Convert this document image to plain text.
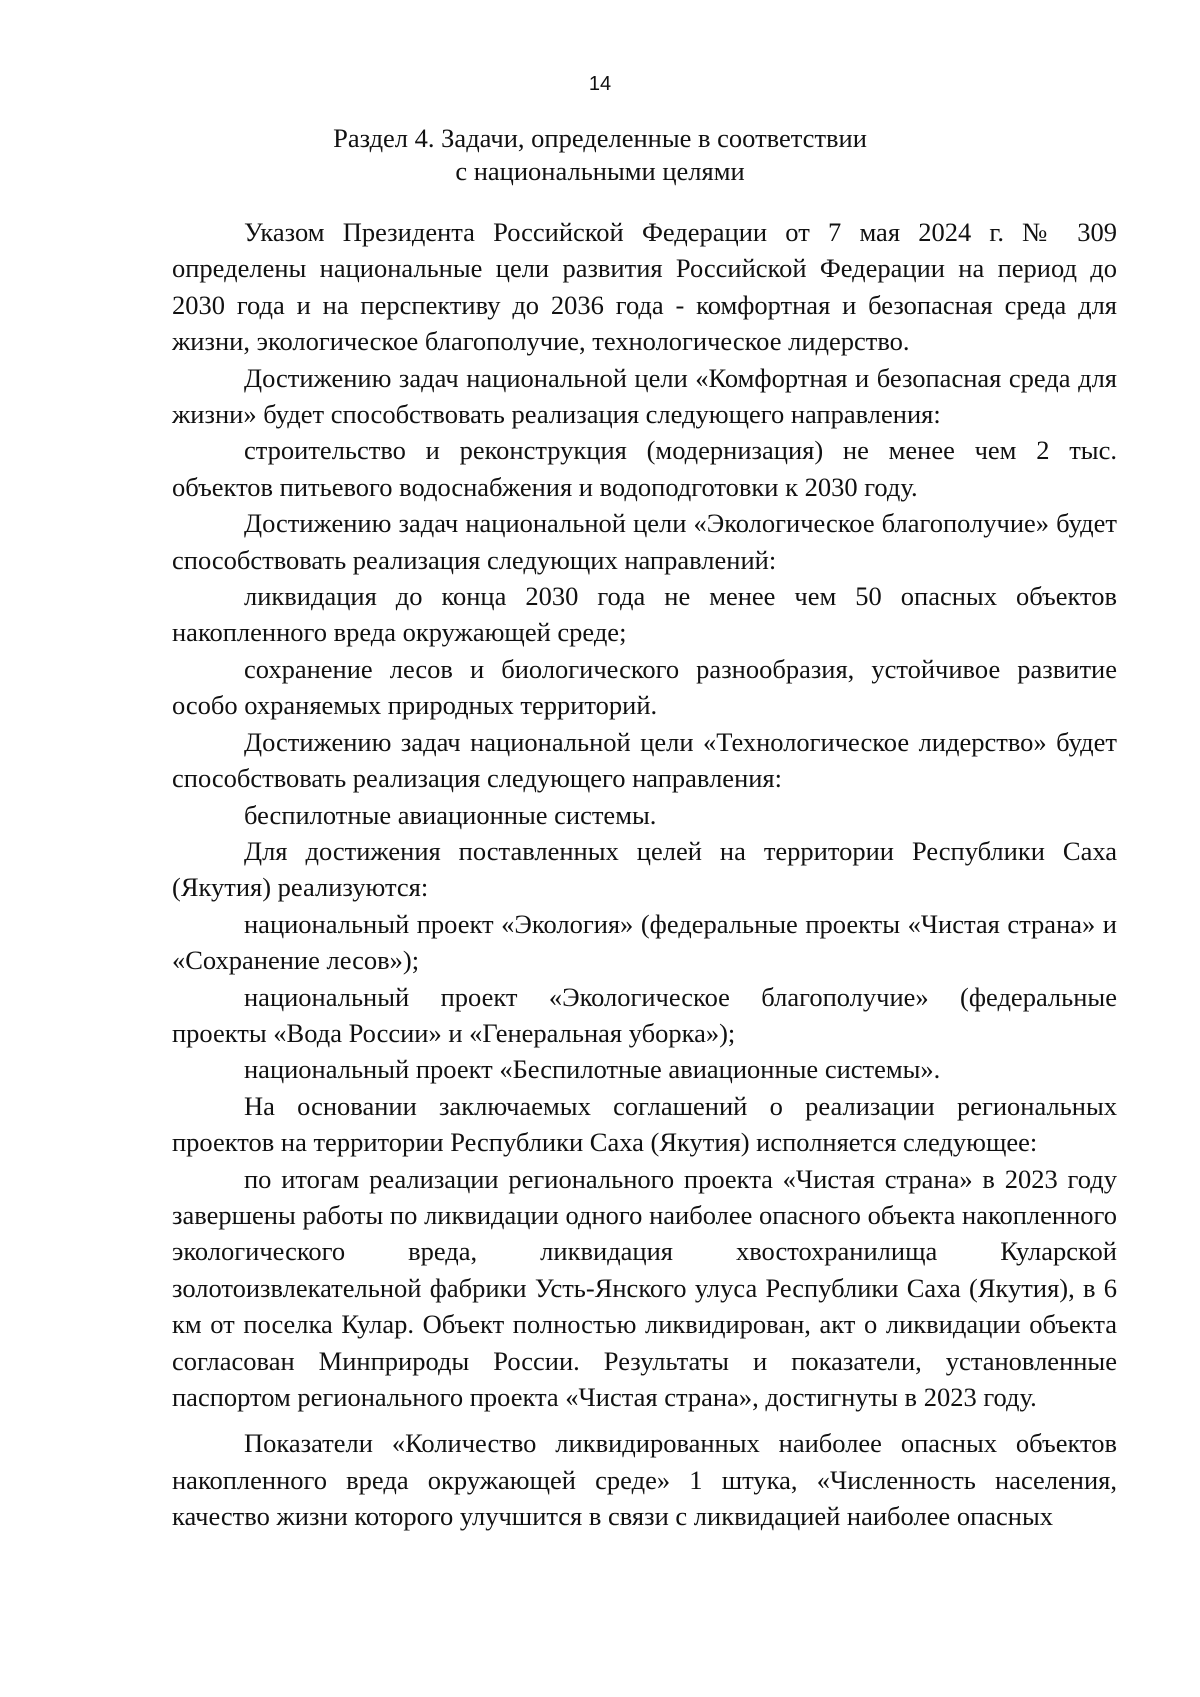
14
Раздел 4. Задачи, определенные в соответствии
с национальными целями

Указом Президента Российской Федерации от 7 мая 2024 г. № 309 определены национальные цели развития Российской Федерации на период до 2030 года и на перспективу до 2036 года - комфортная и безопасная среда для жизни, экологическое благополучие, технологическое лидерство.

Достижению задач национальной цели «Комфортная и безопасная среда для жизни» будет способствовать реализация следующего направления:

строительство и реконструкция (модернизация) не менее чем 2 тыс. объектов питьевого водоснабжения и водоподготовки к 2030 году.

Достижению задач национальной цели «Экологическое благополучие» будет способствовать реализация следующих направлений:

ликвидация до конца 2030 года не менее чем 50 опасных объектов накопленного вреда окружающей среде;

сохранение лесов и биологического разнообразия, устойчивое развитие особо охраняемых природных территорий.

Достижению задач национальной цели «Технологическое лидерство» будет способствовать реализация следующего направления:

беспилотные авиационные системы.

Для достижения поставленных целей на территории Республики Саха (Якутия) реализуются:

национальный проект «Экология» (федеральные проекты «Чистая страна» и «Сохранение лесов»);

национальный проект «Экологическое благополучие» (федеральные проекты «Вода России» и «Генеральная уборка»);

национальный проект «Беспилотные авиационные системы».

На основании заключаемых соглашений о реализации региональных проектов на территории Республики Саха (Якутия) исполняется следующее:

по итогам реализации регионального проекта «Чистая страна» в 2023 году завершены работы по ликвидации одного наиболее опасного объекта накопленного экологического вреда, ликвидация хвостохранилища Куларской золотоизвлекательной фабрики Усть-Янского улуса Республики Саха (Якутия), в 6 км от поселка Кулар. Объект полностью ликвидирован, акт о ликвидации объекта согласован Минприроды России. Результаты и показатели, установленные паспортом регионального проекта «Чистая страна», достигнуты в 2023 году.

Показатели «Количество ликвидированных наиболее опасных объектов накопленного вреда окружающей среде» 1 штука, «Численность населения, качество жизни которого улучшится в связи с ликвидацией наиболее опасных
